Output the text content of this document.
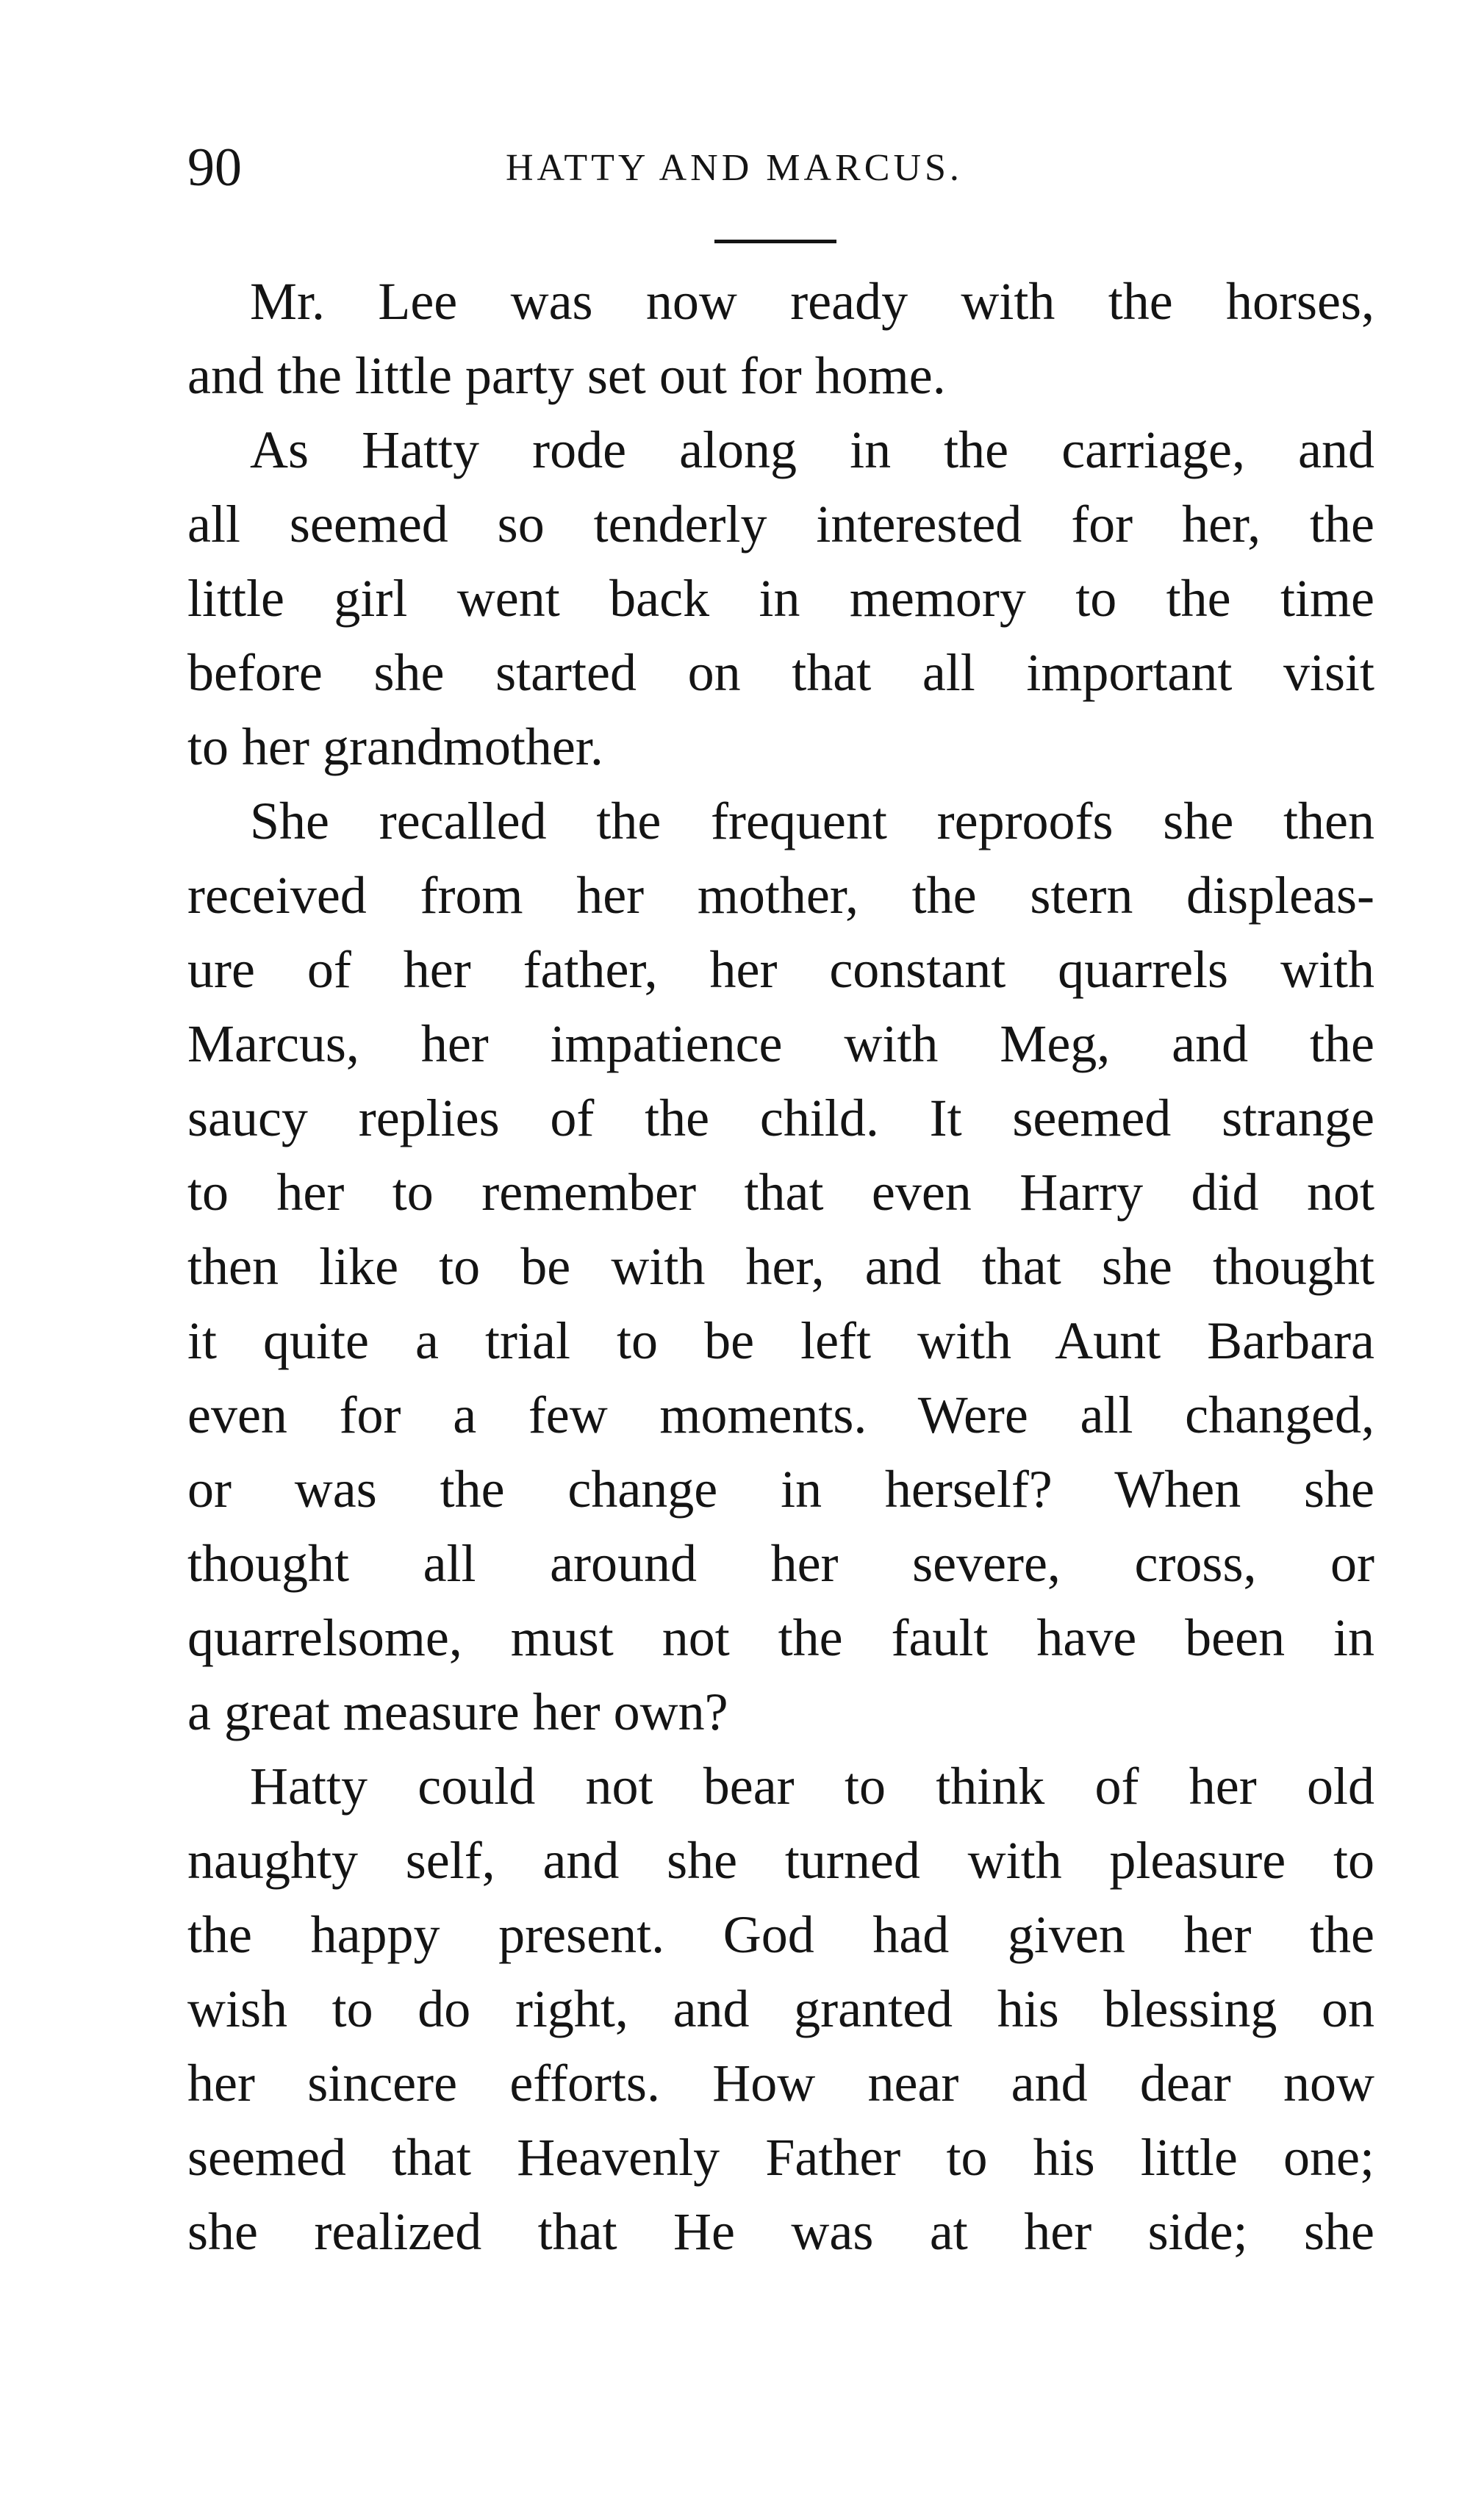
90	HATTY AND MARCUS.
Mr. Lee was now ready with the horses,
and the little party set out for home.
As Hatty rode along in the carriage, and
all seemed so tenderly interested for her, the
little girl went back in memory to the time
before she started on that all important visit
to her grandmother.
She recalled the frequent reproofs she then
received from her mother, the stern displeas-
ure of her father, her constant quarrels with
Marcus, her impatience with Meg, and the
saucy replies of the child. It seemed strange
to her to remember that even Harry did not
then like to be with her, and that she thought
it quite a trial to be left with Aunt Barbara
even for a few moments. Were all changed,
or was the change in herself? When she
thought all around her severe, cross, or
quarrelsome, must not the fault have been in
a great measure her own?
Hatty could not bear to think of her old
naughty self, and she turned with pleasure to
the happy present. God had given her the
wish to do right, and granted his blessing on
her sincere efforts. How near and dear now
seemed that Heavenly Father to his little one;
she realized that He was at her side; she
